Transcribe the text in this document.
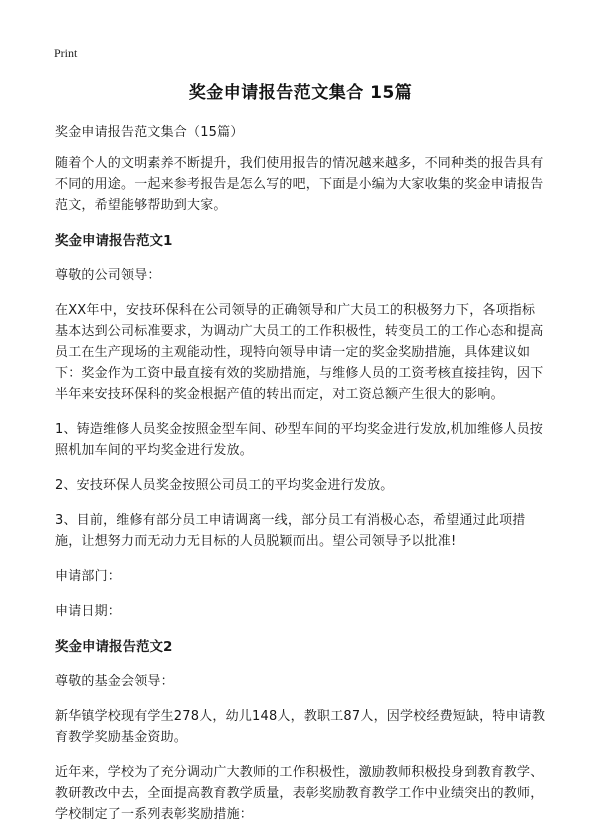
Print
奖金申请报告范文集合 15篇

奖金申请报告范文集合（15篇）

随着个人的文明素养不断提升，我们使用报告的情况越来越多，不同种类的报告具有不同的用途。一起来参考报告是怎么写的吧，下面是小编为大家收集的奖金申请报告范文，希望能够帮助到大家。

奖金申请报告范文1

尊敬的公司领导：

在XX年中，安技环保科在公司领导的正确领导和广大员工的积极努力下，各项指标基本达到公司标准要求，为调动广大员工的工作积极性，转变员工的工作心态和提高员工在生产现场的主观能动性，现特向领导申请一定的奖金奖励措施，具体建议如下：奖金作为工资中最直接有效的奖励措施，与维修人员的工资考核直接挂钩，因下半年来安技环保科的奖金根据产值的转出而定，对工资总额产生很大的影响。

1、铸造维修人员奖金按照金型车间、砂型车间的平均奖金进行发放,机加维修人员按照机加车间的平均奖金进行发放。

2、安技环保人员奖金按照公司员工的平均奖金进行发放。

3、目前，维修有部分员工申请调离一线，部分员工有消极心态，希望通过此项措施，让想努力而无动力无目标的人员脱颖而出。望公司领导予以批准!

申请部门：

申请日期：

奖金申请报告范文2

尊敬的基金会领导：

新华镇学校现有学生278人，幼儿148人，教职工87人，因学校经费短缺，特申请教育教学奖励基金资助。

近年来，学校为了充分调动广大教师的工作积极性，激励教师积极投身到教育教学、教研教改中去，全面提高教育教学质量，表彰奖励教育教学工作中业绩突出的教师，学校制定了一系列表彰奖励措施：
